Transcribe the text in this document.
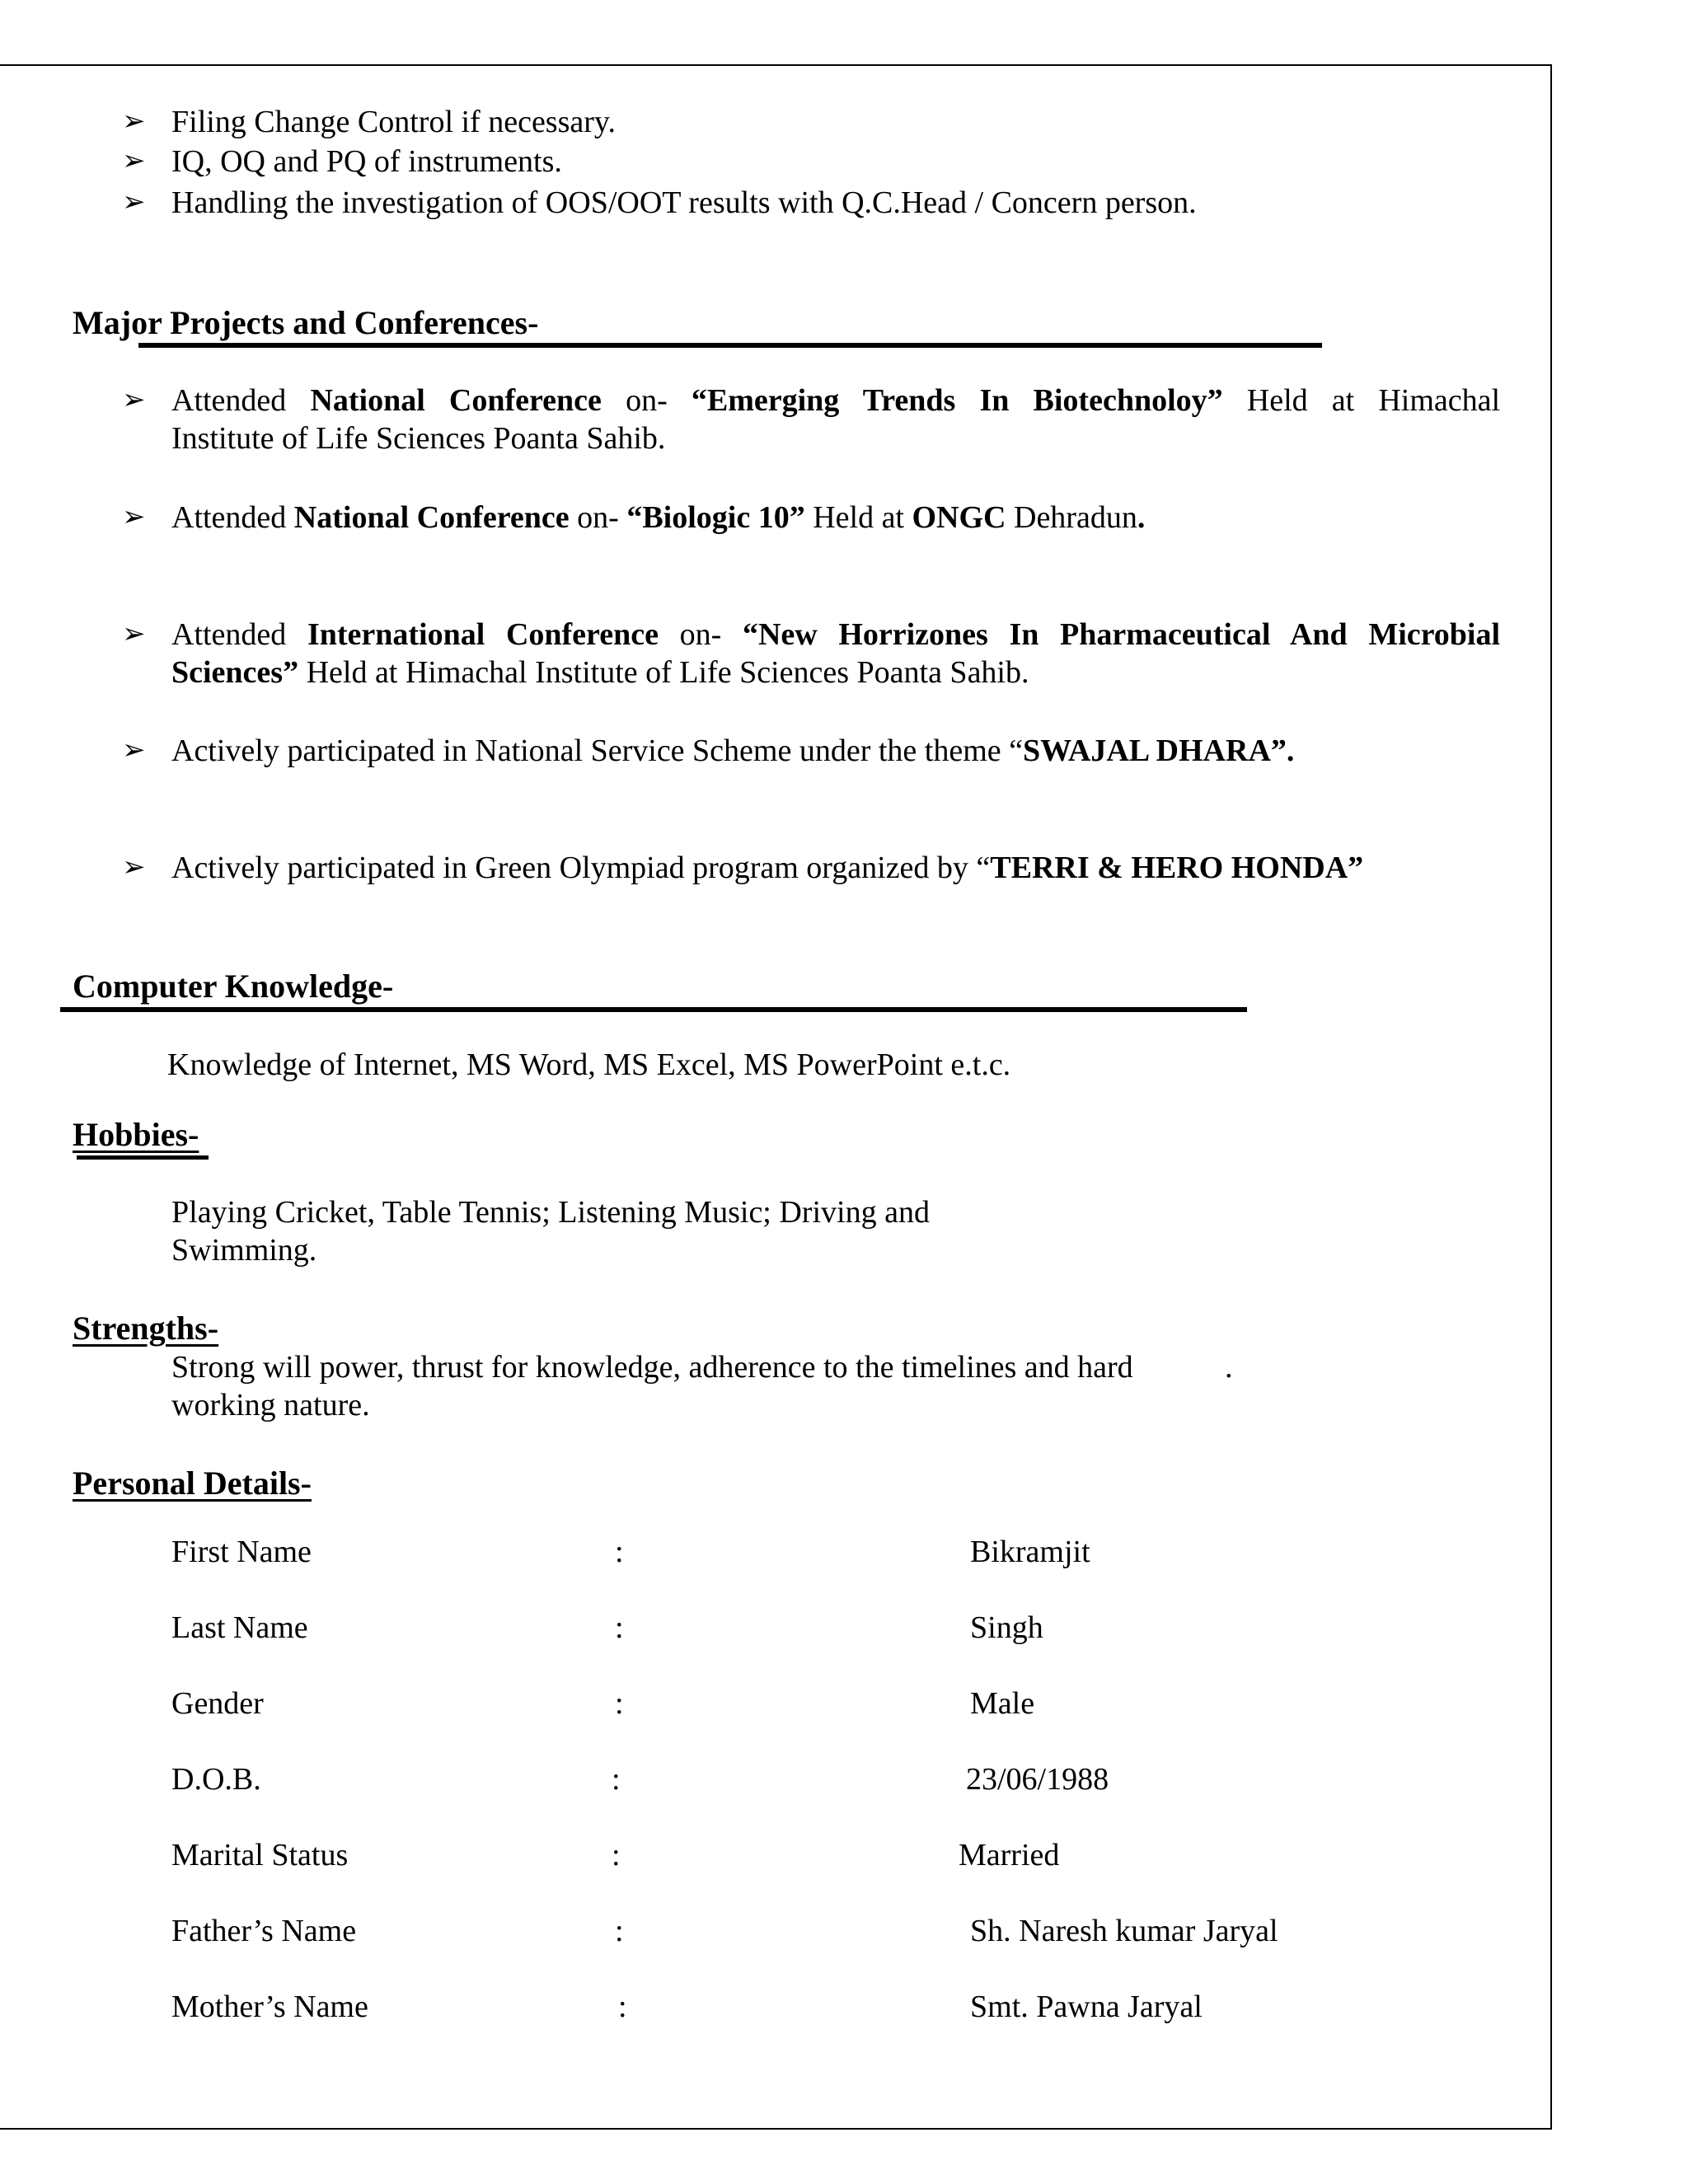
➢ Filing Change Control if necessary.
➢ IQ, OQ and PQ of instruments.
➢ Handling the investigation of OOS/OOT results with Q.C.Head / Concern person.
Major Projects and Conferences-
➢ Attended National Conference on- “Emerging Trends In Biotechnoloy” Held at Himachal
Institute of Life Sciences Poanta Sahib.
➢ Attended National Conference on- “Biologic 10” Held at ONGC Dehradun.
➢ Attended International Conference on- “New Horrizones In Pharmaceutical And Microbial
Sciences” Held at Himachal Institute of Life Sciences Poanta Sahib.
➢ Actively participated in National Service Scheme under the theme “SWAJAL DHARA”.
➢ Actively participated in Green Olympiad program organized by “TERRI & HERO HONDA”
Computer Knowledge-
Knowledge of Internet, MS Word, MS Excel, MS PowerPoint e.t.c.
Hobbies-
Playing Cricket, Table Tennis; Listening Music; Driving and
Swimming.
Strengths-
Strong will power, thrust for knowledge, adherence to the timelines and hard	.
working nature.
Personal Details-
First Name	:	Bikramjit
Last Name	:	Singh
Gender	:	Male
D.O.B.	:	23/06/1988
Marital Status	:	Married
Father’s Name	:	Sh. Naresh kumar Jaryal
Mother’s Name	:	Smt. Pawna Jaryal
